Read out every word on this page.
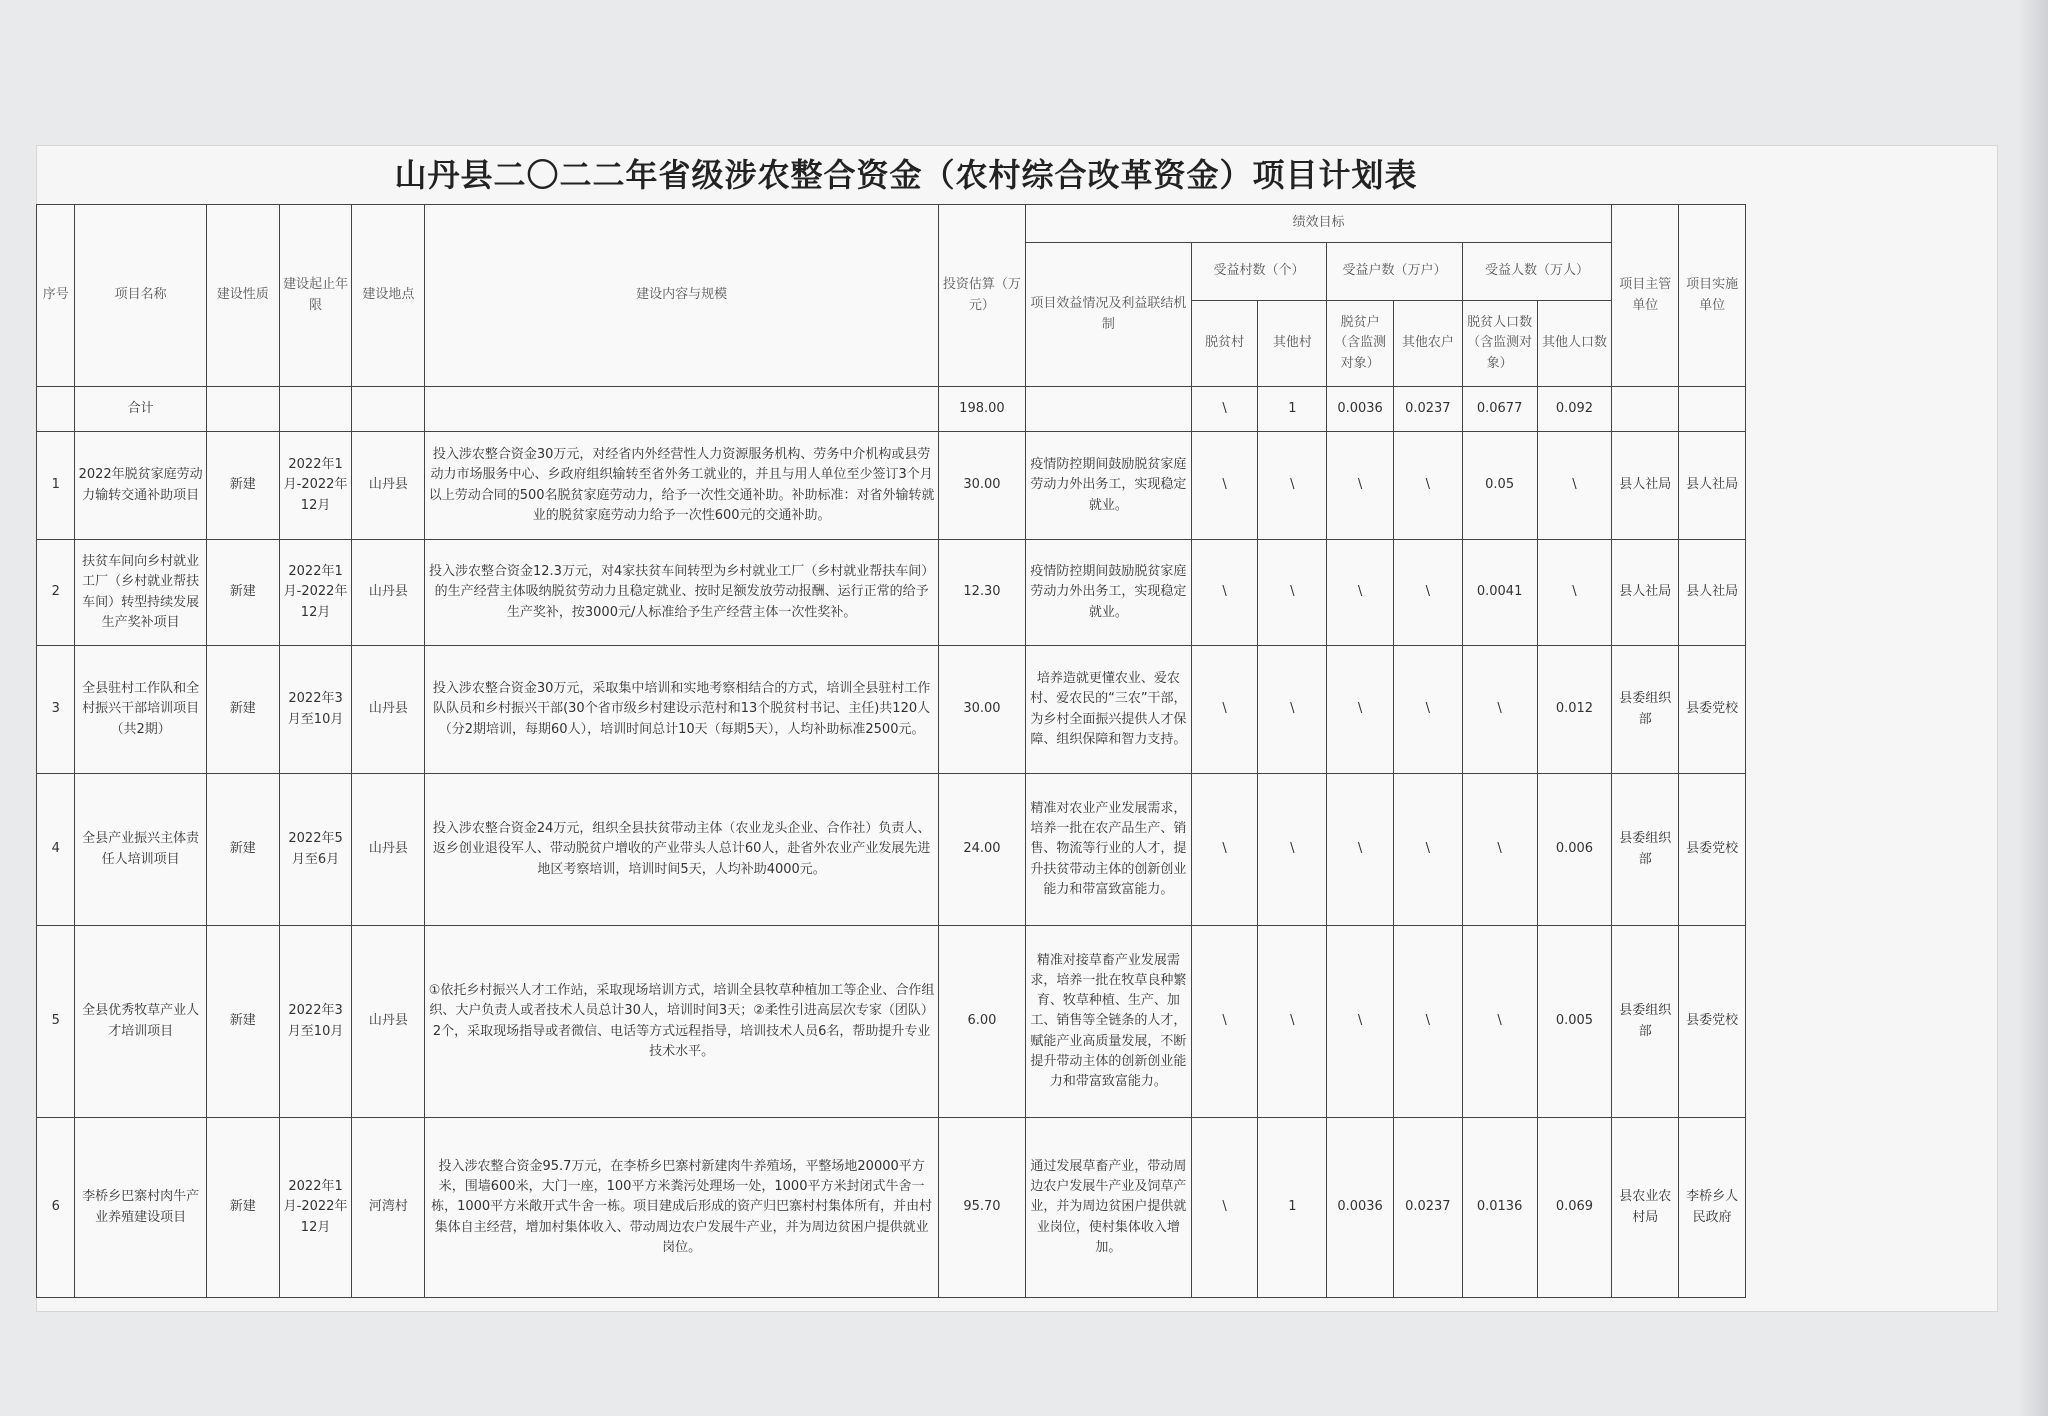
山丹县二〇二二年省级涉农整合资金（农村综合改革资金）项目计划表
序号	项目名称	建设性质	建设起止年限	建设地点	建设内容与规模	投资估算（万元）	绩效目标							项目主管单位	项目实施单位
							项目效益情况及利益联结机制	受益村数（个）		受益户数（万户）		受益人数（万人）			
								脱贫村	其他村	脱贫户（含监测对象）	其他农户	脱贫人口数（含监测对象）	其他人口数		
	合计					198.00		\	1	0.0036	0.0237	0.0677	0.092		
1	2022年脱贫家庭劳动力输转交通补助项目	新建	2022年1月-2022年12月	山丹县	投入涉农整合资金30万元，对经省内外经营性人力资源服务机构、劳务中介机构或县劳动力市场服务中心、乡政府组织输转至省外务工就业的，并且与用人单位至少签订3个月以上劳动合同的500名脱贫家庭劳动力，给予一次性交通补助。补助标准：对省外输转就业的脱贫家庭劳动力给予一次性600元的交通补助。	30.00	疫情防控期间鼓励脱贫家庭劳动力外出务工，实现稳定就业。	\	\	\	\	0.05	\	县人社局	县人社局
2	扶贫车间向乡村就业工厂（乡村就业帮扶车间）转型持续发展生产奖补项目	新建	2022年1月-2022年12月	山丹县	投入涉农整合资金12.3万元，对4家扶贫车间转型为乡村就业工厂（乡村就业帮扶车间）的生产经营主体吸纳脱贫劳动力且稳定就业、按时足额发放劳动报酬、运行正常的给予生产奖补，按3000元/人标准给予生产经营主体一次性奖补。	12.30	疫情防控期间鼓励脱贫家庭劳动力外出务工，实现稳定就业。	\	\	\	\	0.0041	\	县人社局	县人社局
3	全县驻村工作队和全村振兴干部培训项目（共2期）	新建	2022年3月至10月	山丹县	投入涉农整合资金30万元，采取集中培训和实地考察相结合的方式，培训全县驻村工作队队员和乡村振兴干部(30个省市级乡村建设示范村和13个脱贫村书记、主任)共120人（分2期培训，每期60人），培训时间总计10天（每期5天），人均补助标准2500元。	30.00	培养造就更懂农业、爱农村、爱农民的“三农”干部，为乡村全面振兴提供人才保障、组织保障和智力支持。	\	\	\	\	\	0.012	县委组织部	县委党校
4	全县产业振兴主体责任人培训项目	新建	2022年5月至6月	山丹县	投入涉农整合资金24万元，组织全县扶贫带动主体（农业龙头企业、合作社）负责人、返乡创业退役军人、带动脱贫户增收的产业带头人总计60人，赴省外农业产业发展先进地区考察培训，培训时间5天，人均补助4000元。	24.00	精准对农业产业发展需求，培养一批在农产品生产、销售、物流等行业的人才，提升扶贫带动主体的创新创业能力和带富致富能力。	\	\	\	\	\	0.006	县委组织部	县委党校
5	全县优秀牧草产业人才培训项目	新建	2022年3月至10月	山丹县	①依托乡村振兴人才工作站，采取现场培训方式，培训全县牧草种植加工等企业、合作组织、大户负责人或者技术人员总计30人，培训时间3天；②柔性引进高层次专家（团队）2个，采取现场指导或者微信、电话等方式远程指导，培训技术人员6名，帮助提升专业技术水平。	6.00	精准对接草畜产业发展需求，培养一批在牧草良种繁育、牧草种植、生产、加工、销售等全链条的人才，赋能产业高质量发展，不断提升带动主体的创新创业能力和带富致富能力。	\	\	\	\	\	0.005	县委组织部	县委党校
6	李桥乡巴寨村肉牛产业养殖建设项目	新建	2022年1月-2022年12月	河湾村	投入涉农整合资金95.7万元，在李桥乡巴寨村新建肉牛养殖场，平整场地20000平方米，围墙600米，大门一座，100平方米粪污处理场一处，1000平方米封闭式牛舍一栋，1000平方米敞开式牛舍一栋。项目建成后形成的资产归巴寨村村集体所有，并由村集体自主经营，增加村集体收入、带动周边农户发展牛产业，并为周边贫困户提供就业岗位。	95.70	通过发展草畜产业，带动周边农户发展牛产业及饲草产业，并为周边贫困户提供就业岗位，使村集体收入增加。	\	1	0.0036	0.0237	0.0136	0.069	县农业农村局	李桥乡人民政府
